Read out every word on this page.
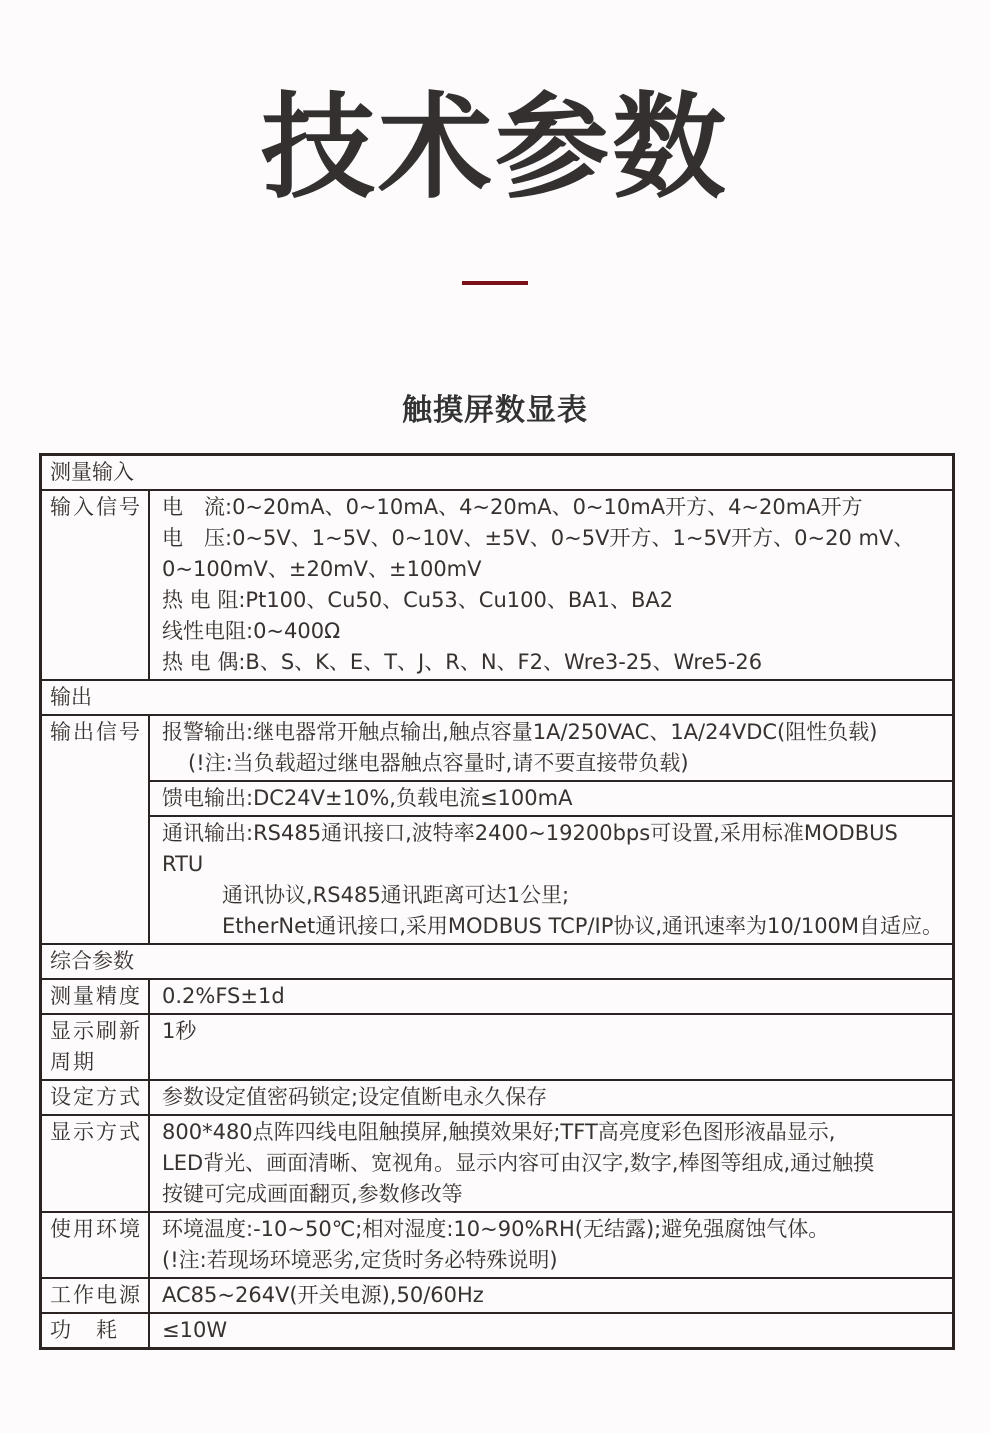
技术参数
触摸屏数显表
测量输入
输入信号 电　流:0~20mA、0~10mA、4~20mA、0~10mA开方、4~20mA开方
电　压:0~5V、1~5V、0~10V、±5V、0~5V开方、1~5V开方、0~20 mV、
0~100mV、±20mV、±100mV
热 电 阻:Pt100、Cu50、Cu53、Cu100、BA1、BA2
线性电阻:0~400Ω
热 电 偶:B、S、K、E、T、J、R、N、F2、Wre3-25、Wre5-26
输出
输出信号 报警输出:继电器常开触点输出,触点容量1A/250VAC、1A/24VDC(阻性负载)
(!注:当负载超过继电器触点容量时,请不要直接带负载)
馈电输出:DC24V±10%,负载电流≤100mA
通讯输出:RS485通讯接口,波特率2400~19200bps可设置,采用标准MODBUS RTU
通讯协议,RS485通讯距离可达1公里;
EtherNet通讯接口,采用MODBUS TCP/IP协议,通讯速率为10/100M自适应。
综合参数
测量精度 0.2%FS±1d
显示刷新周期
1秒
设定方式 参数设定值密码锁定;设定值断电永久保存
显示方式 800*480点阵四线电阻触摸屏,触摸效果好;TFT高亮度彩色图形液晶显示,
LED背光、画面清晰、宽视角。显示内容可由汉字,数字,棒图等组成,通过触摸
按键可完成画面翻页,参数修改等
使用环境 环境温度:-10~50℃;相对湿度:10~90%RH(无结露);避免强腐蚀气体。
(!注:若现场环境恶劣,定货时务必特殊说明)
工作电源 AC85~264V(开关电源),50/60Hz
功　耗	≤10W
